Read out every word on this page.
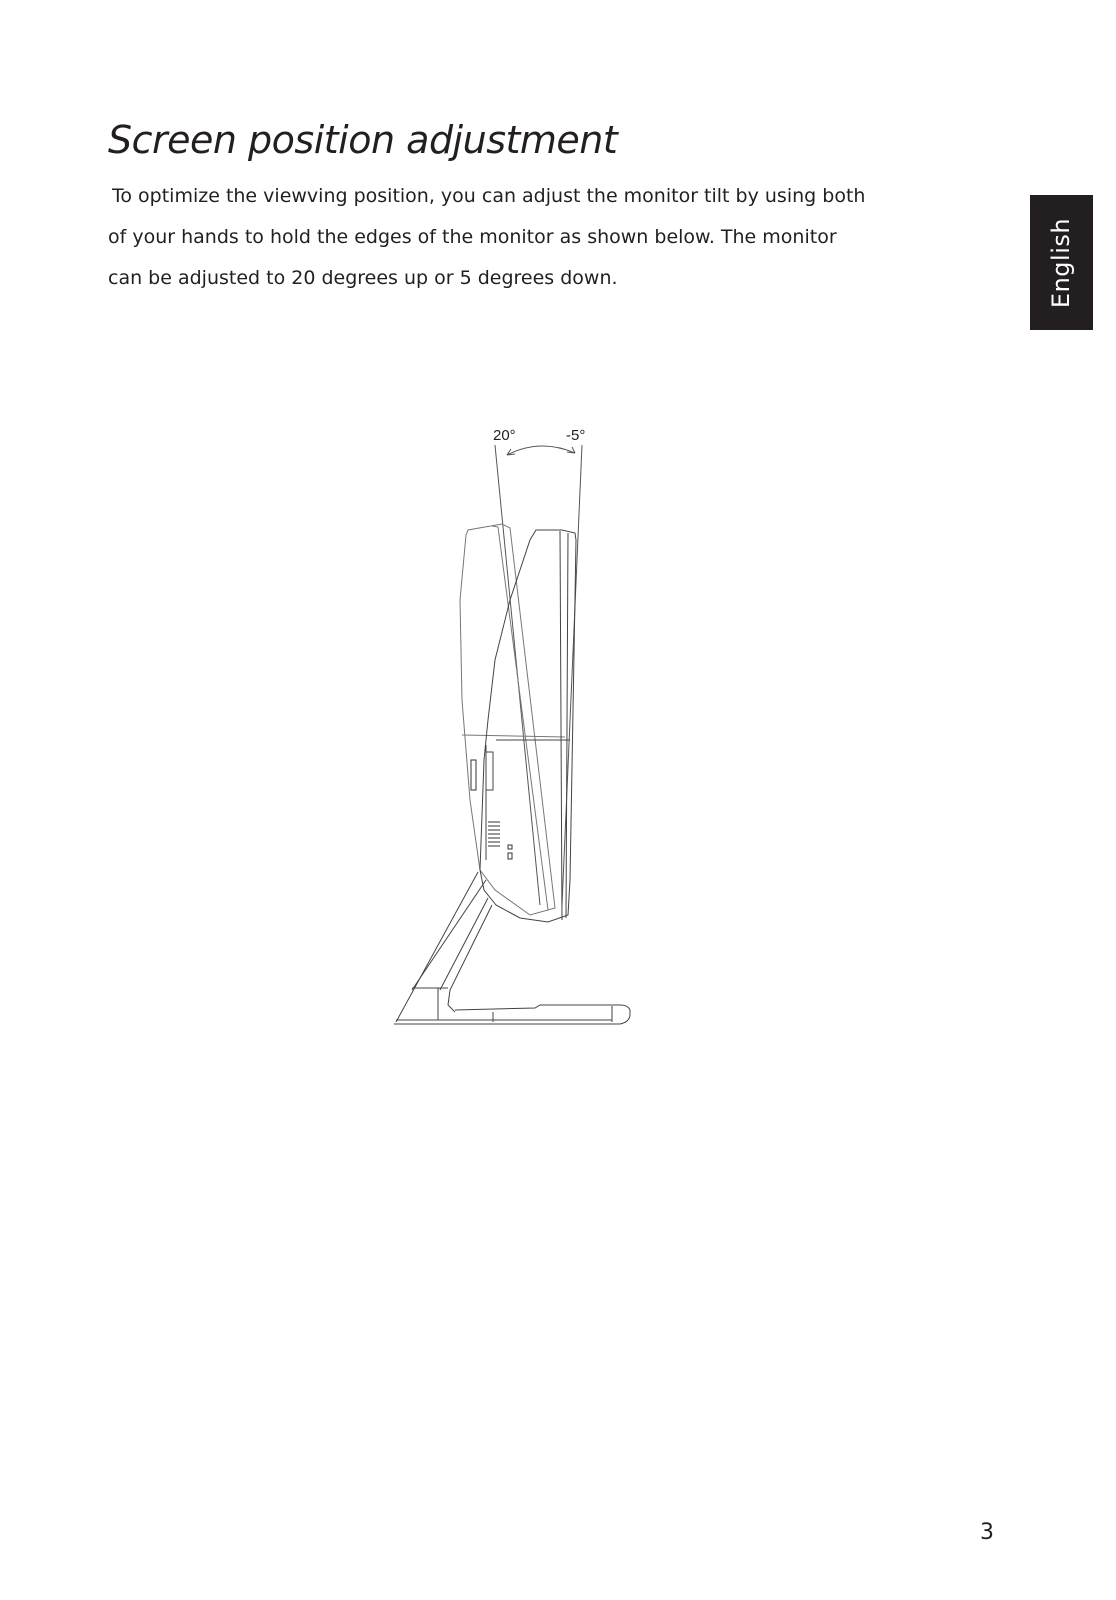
Screen position adjustment

To optimize the viewving position, you can adjust the monitor tilt by using both of your hands to hold the edges of the monitor as shown below. The monitor can be adjusted to 20 degrees up or 5 degrees down.	English
20°	-5°
3
